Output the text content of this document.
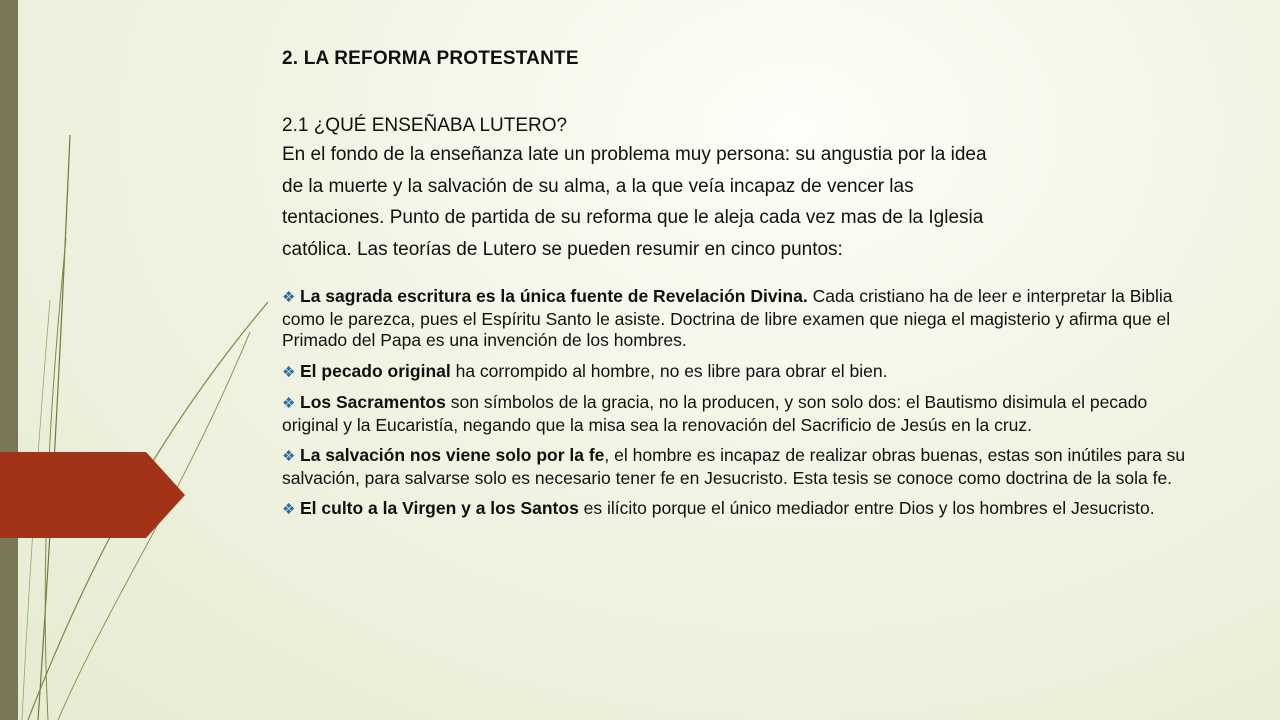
2. LA REFORMA PROTESTANTE
2.1 ¿QUÉ ENSEÑABA LUTERO?
En el fondo de la enseñanza late un problema muy persona: su angustia por la idea
de la muerte y la salvación de su alma, a la que veía incapaz de vencer las
tentaciones. Punto de partida de su reforma que le aleja cada vez mas de la Iglesia
católica. Las teorías de Lutero se pueden resumir en cinco puntos:
❖ La sagrada escritura es la única fuente de Revelación Divina. Cada cristiano ha de leer e interpretar la Biblia como le parezca, pues el Espíritu Santo le asiste. Doctrina de libre examen que niega el magisterio y afirma que el Primado del Papa es una invención de los hombres.
❖ El pecado original ha corrompido al hombre, no es libre para obrar el bien.
❖ Los Sacramentos son símbolos de la gracia, no la producen, y son solo dos: el Bautismo disimula el pecado original y la Eucaristía, negando que la misa sea la renovación del Sacrificio de Jesús en la cruz.
❖ La salvación nos viene solo por la fe, el hombre es incapaz de realizar obras buenas, estas son inútiles para su salvación, para salvarse solo es necesario tener fe en Jesucristo. Esta tesis se conoce como doctrina de la sola fe.
❖ El culto a la Virgen y a los Santos es ilícito porque el único mediador entre Dios y los hombres el Jesucristo.
